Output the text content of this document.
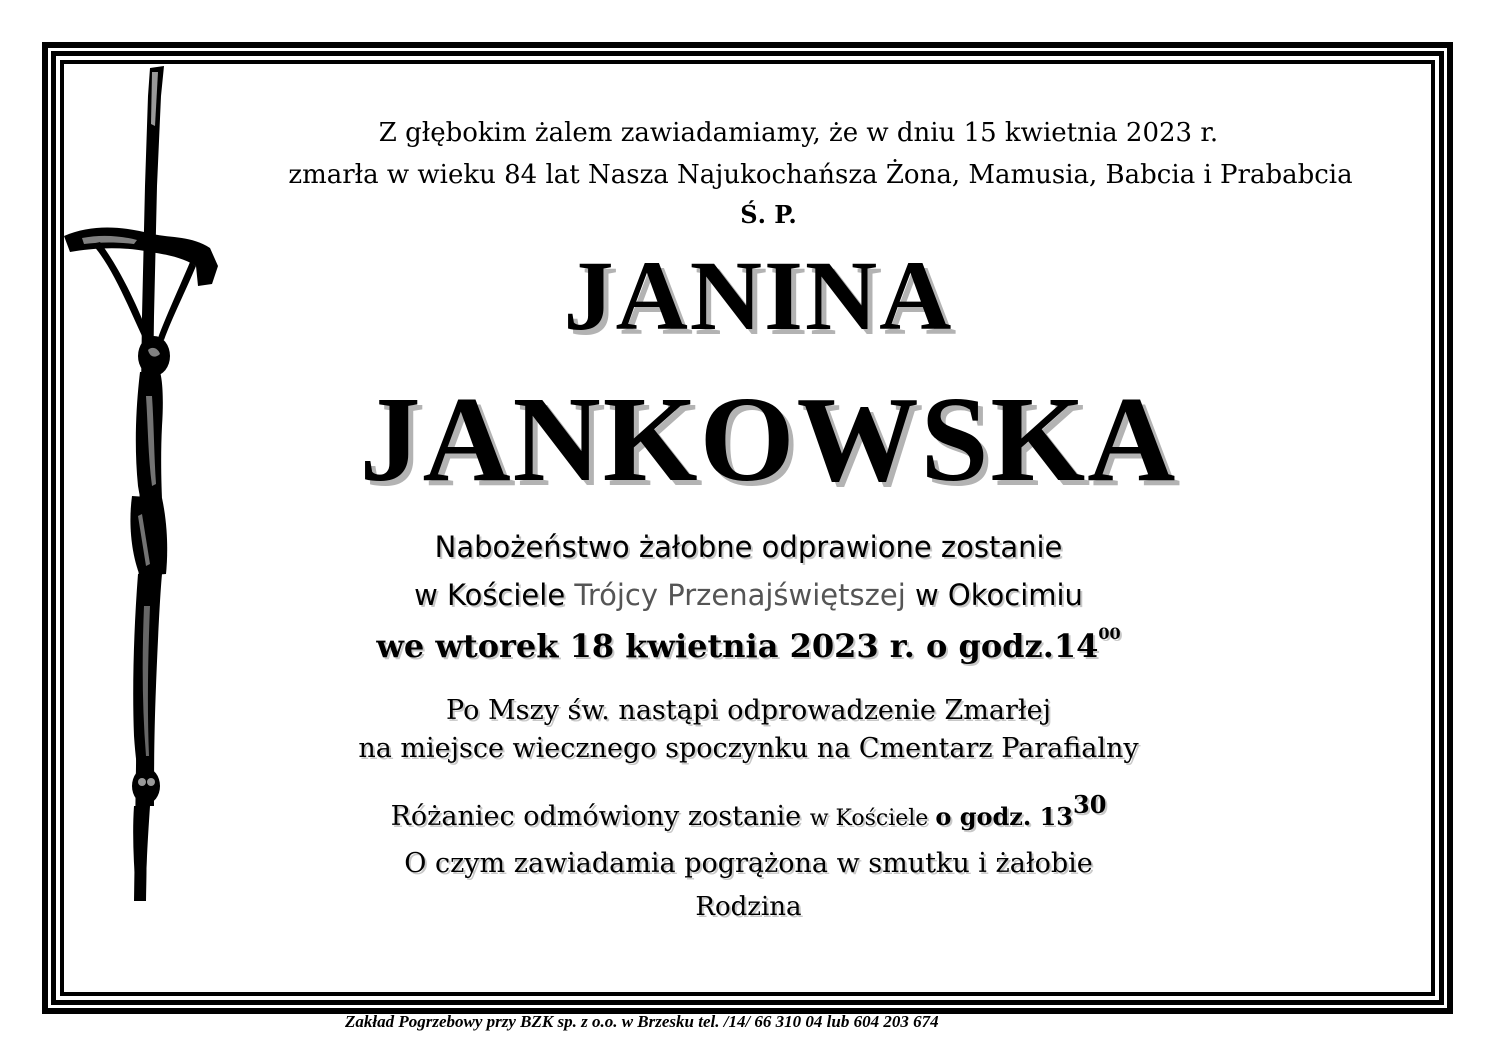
Z głębokim żalem zawiadamiamy, że w dniu 15 kwietnia 2023 r.
zmarła w wieku 84 lat Nasza Najukochańsza Żona, Mamusia, Babcia i Prababcia
Ś. P.
JANINA
JANKOWSKA
Nabożeństwo żałobne odprawione zostanie
w Kościele Trójcy Przenajświętszej w Okocimiu
we wtorek 18 kwietnia 2023 r. o $godz.14^{00}$
Po Mszy św. nastąpi odprowadzenie Zmarłej
na miejsce wiecznego spoczynku na Cmentarz Parafialny
Różaniec odmówiony zostanie w Kościele o godz. $13^{30}$
O czym zawiadamia pogrążona w smutku i żałobie
Rodzina
Zakład Pogrzebowy przy BZK sp. z o.o. w Brzesku tel. /14/ 66 310 04 lub 604 203 674
